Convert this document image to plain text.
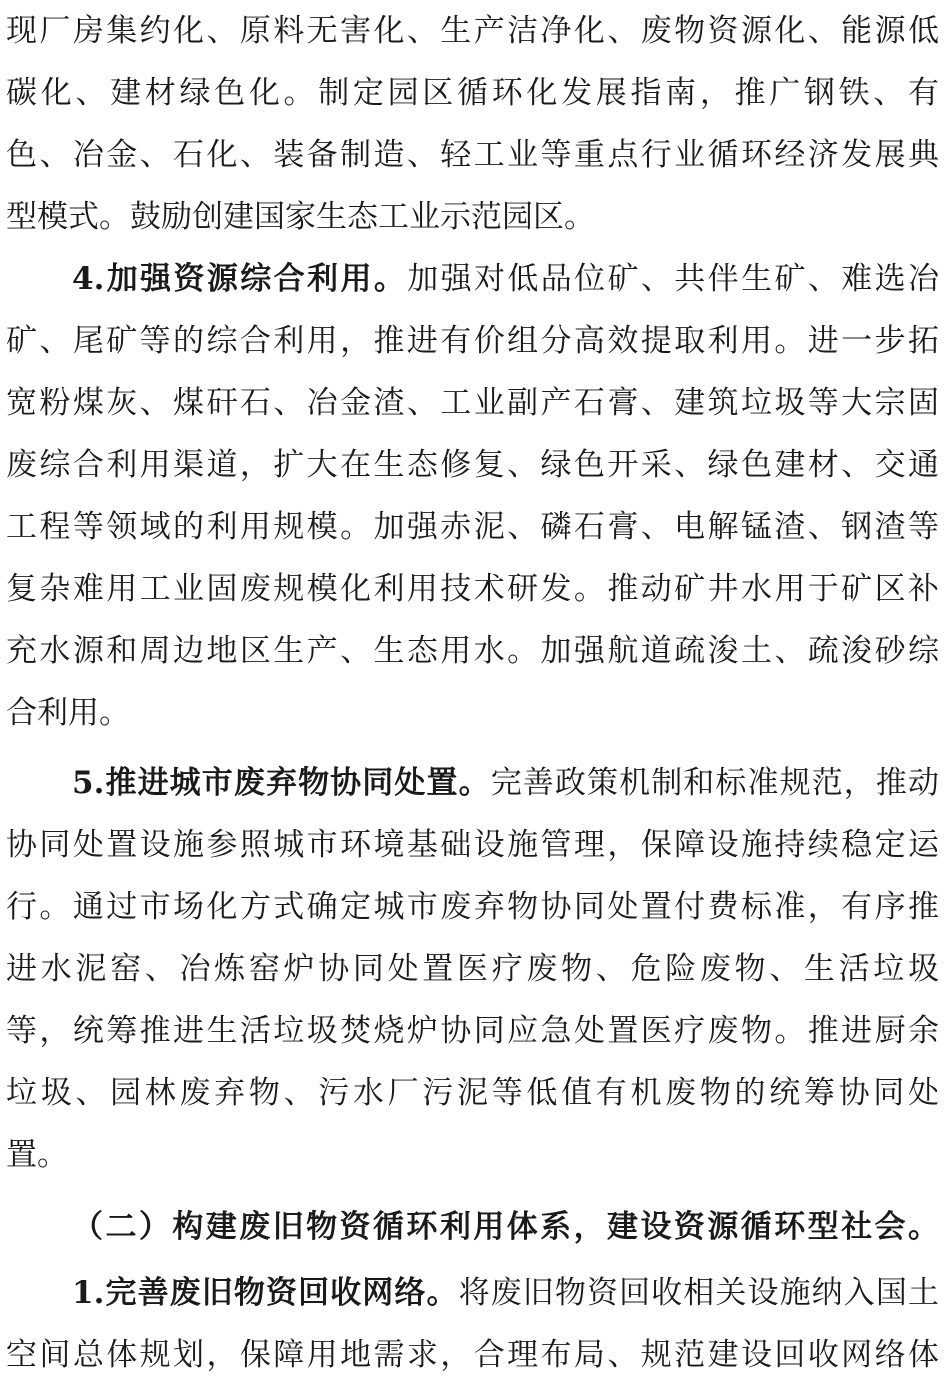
现厂房集约化、原料无害化、生产洁净化、废物资源化、能源低
碳化、建材绿色化。制定园区循环化发展指南，推广钢铁、有
色、冶金、石化、装备制造、轻工业等重点行业循环经济发展典
型模式。鼓励创建国家生态工业示范园区。
4.加强资源综合利用。加强对低品位矿、共伴生矿、难选冶
矿、尾矿等的综合利用，推进有价组分高效提取利用。进一步拓
宽粉煤灰、煤矸石、冶金渣、工业副产石膏、建筑垃圾等大宗固
废综合利用渠道，扩大在生态修复、绿色开采、绿色建材、交通
工程等领域的利用规模。加强赤泥、磷石膏、电解锰渣、钢渣等
复杂难用工业固废规模化利用技术研发。推动矿井水用于矿区补
充水源和周边地区生产、生态用水。加强航道疏浚土、疏浚砂综
合利用。
5.推进城市废弃物协同处置。完善政策机制和标准规范，推动
协同处置设施参照城市环境基础设施管理，保障设施持续稳定运
行。通过市场化方式确定城市废弃物协同处置付费标准，有序推
进水泥窑、冶炼窑炉协同处置医疗废物、危险废物、生活垃圾
等，统筹推进生活垃圾焚烧炉协同应急处置医疗废物。推进厨余
垃圾、园林废弃物、污水厂污泥等低值有机废物的统筹协同处
置。
（二）构建废旧物资循环利用体系，建设资源循环型社会。
1.完善废旧物资回收网络。将废旧物资回收相关设施纳入国土
空间总体规划，保障用地需求，合理布局、规范建设回收网络体
